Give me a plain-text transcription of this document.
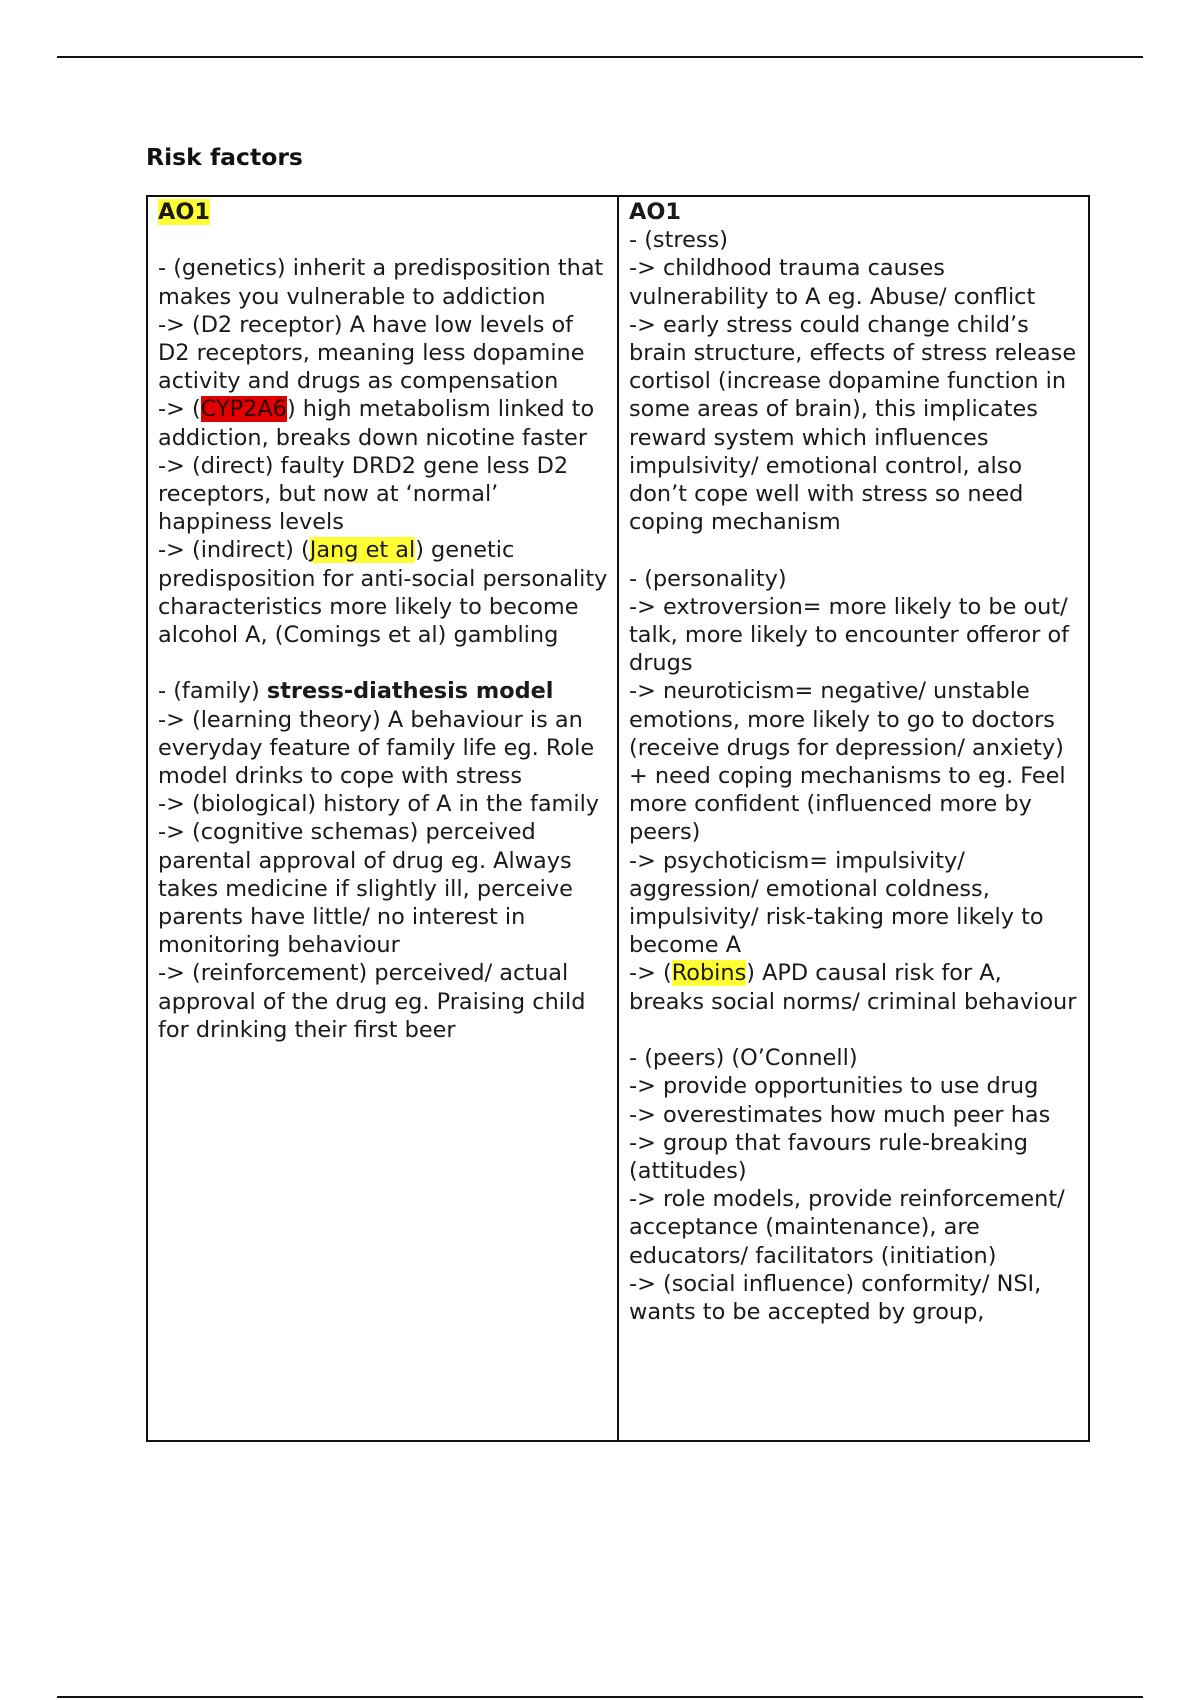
Risk factors
AO1

- (genetics) inherit a predisposition that makes you vulnerable to addiction
-> (D2 receptor) A have low levels of D2 receptors, meaning less dopamine activity and drugs as compensation
-> (CYP2A6) high metabolism linked to addiction, breaks down nicotine faster
-> (direct) faulty DRD2 gene less D2 receptors, but now at ‘normal’ happiness levels
-> (indirect) (Jang et al) genetic predisposition for anti-social personality characteristics more likely to become alcohol A, (Comings et al) gambling

- (family) stress-diathesis model
-> (learning theory) A behaviour is an everyday feature of family life eg. Role model drinks to cope with stress
-> (biological) history of A in the family
-> (cognitive schemas) perceived parental approval of drug eg. Always takes medicine if slightly ill, perceive parents have little/ no interest in monitoring behaviour
-> (reinforcement) perceived/ actual approval of the drug eg. Praising child for drinking their first beer	AO1
- (stress)
-> childhood trauma causes vulnerability to A eg. Abuse/ conflict
-> early stress could change child’s brain structure, effects of stress release cortisol (increase dopamine function in some areas of brain), this implicates reward system which influences impulsivity/ emotional control, also don’t cope well with stress so need coping mechanism

- (personality)
-> extroversion= more likely to be out/ talk, more likely to encounter offeror of drugs
-> neuroticism= negative/ unstable emotions, more likely to go to doctors (receive drugs for depression/ anxiety) + need coping mechanisms to eg. Feel more confident (influenced more by peers)
-> psychoticism= impulsivity/ aggression/ emotional coldness, impulsivity/ risk-taking more likely to become A
-> (Robins) APD causal risk for A, breaks social norms/ criminal behaviour

- (peers) (O’Connell)
-> provide opportunities to use drug
-> overestimates how much peer has
-> group that favours rule-breaking (attitudes)
-> role models, provide reinforcement/ acceptance (maintenance), are educators/ facilitators (initiation)
-> (social influence) conformity/ NSI, wants to be accepted by group,
